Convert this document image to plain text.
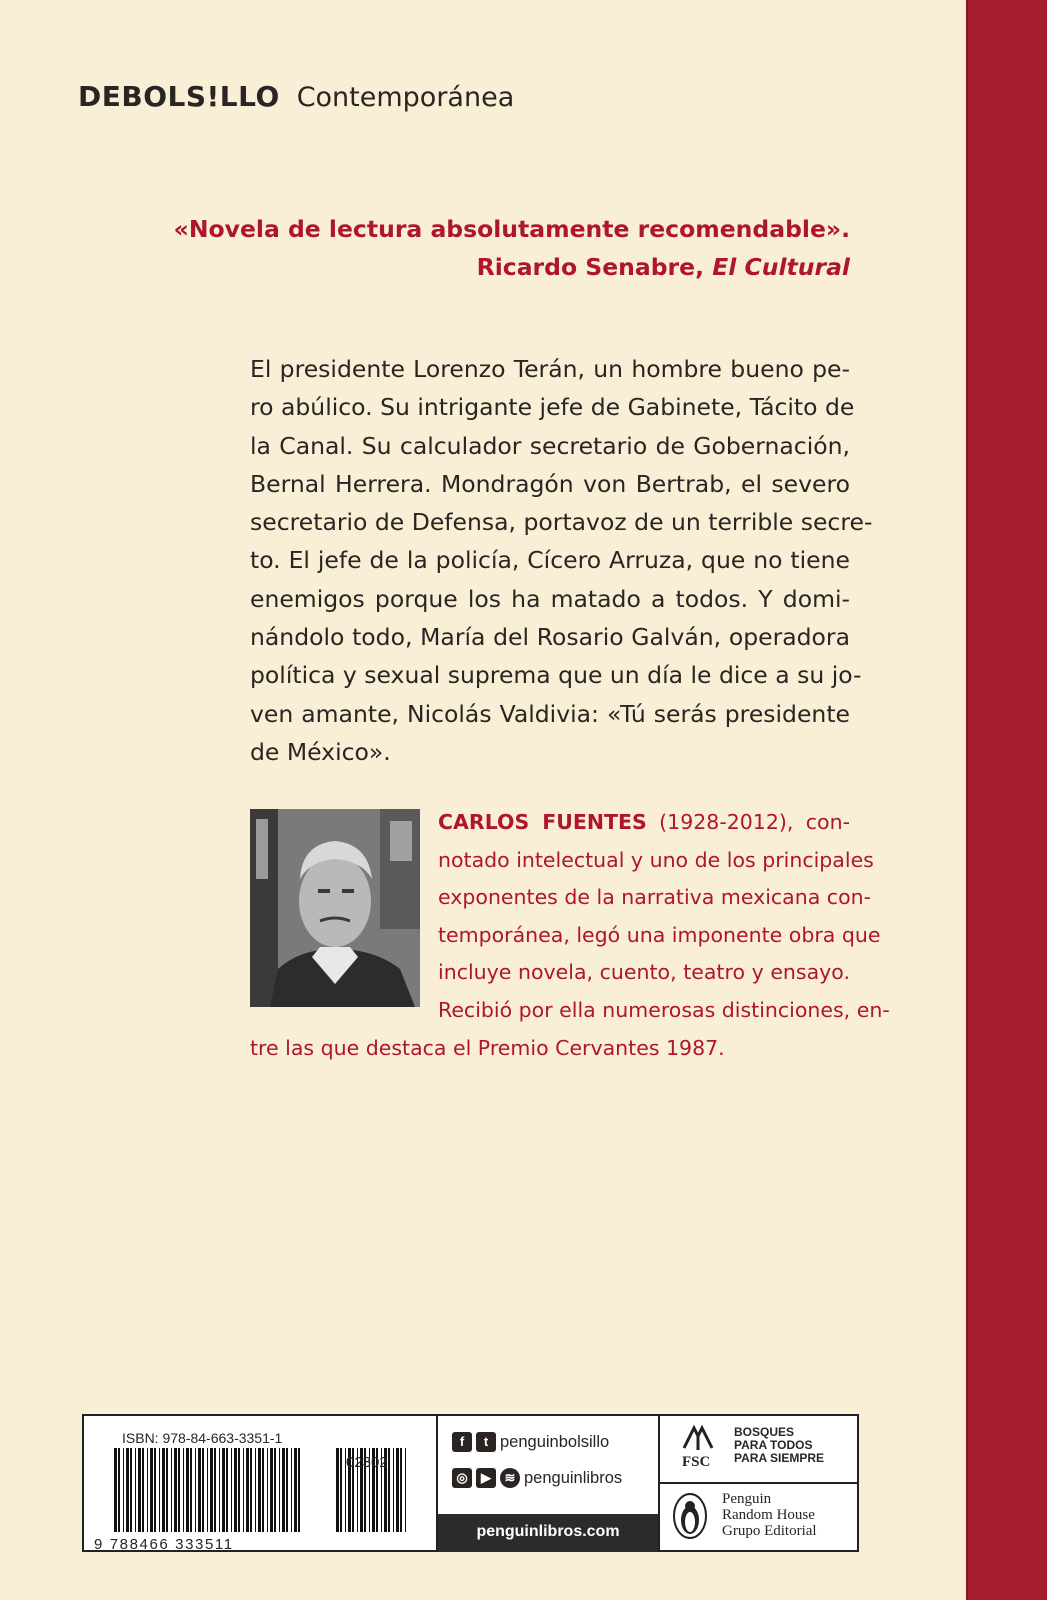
DEBOLS!LLO Contemporánea
«Novela de lectura absolutamente recomendable».
Ricardo Senabre, El Cultural
El presidente Lorenzo Terán, un hombre bueno pe-
ro abúlico. Su intrigante jefe de Gabinete, Tácito de
la Canal. Su calculador secretario de Gobernación,
Bernal Herrera. Mondragón von Bertrab, el severo
secretario de Defensa, portavoz de un terrible secre-
to. El jefe de la policía, Cícero Arruza, que no tiene
enemigos porque los ha matado a todos. Y domi-
nándolo todo, María del Rosario Galván, operadora
política y sexual suprema que un día le dice a su jo-
ven amante, Nicolás Valdivia: «Tú serás presidente
de México».
CARLOS FUENTES (1928-2012), con-
notado intelectual y uno de los principales
exponentes de la narrativa mexicana con-
temporánea, legó una imponente obra que
incluye novela, cuento, teatro y ensayo.
Recibió por ella numerosas distinciones, en-
tre las que destaca el Premio Cervantes 1987.
ISBN: 978-84-663-3351-1
02302
9 788466 333511
f	t penguinbolsillo
◎	▶	≋ penguinlibros
penguinlibros.com
FSC
BOSQUES
PARA TODOS
PARA SIEMPRE
Penguin
Random House
Grupo Editorial
